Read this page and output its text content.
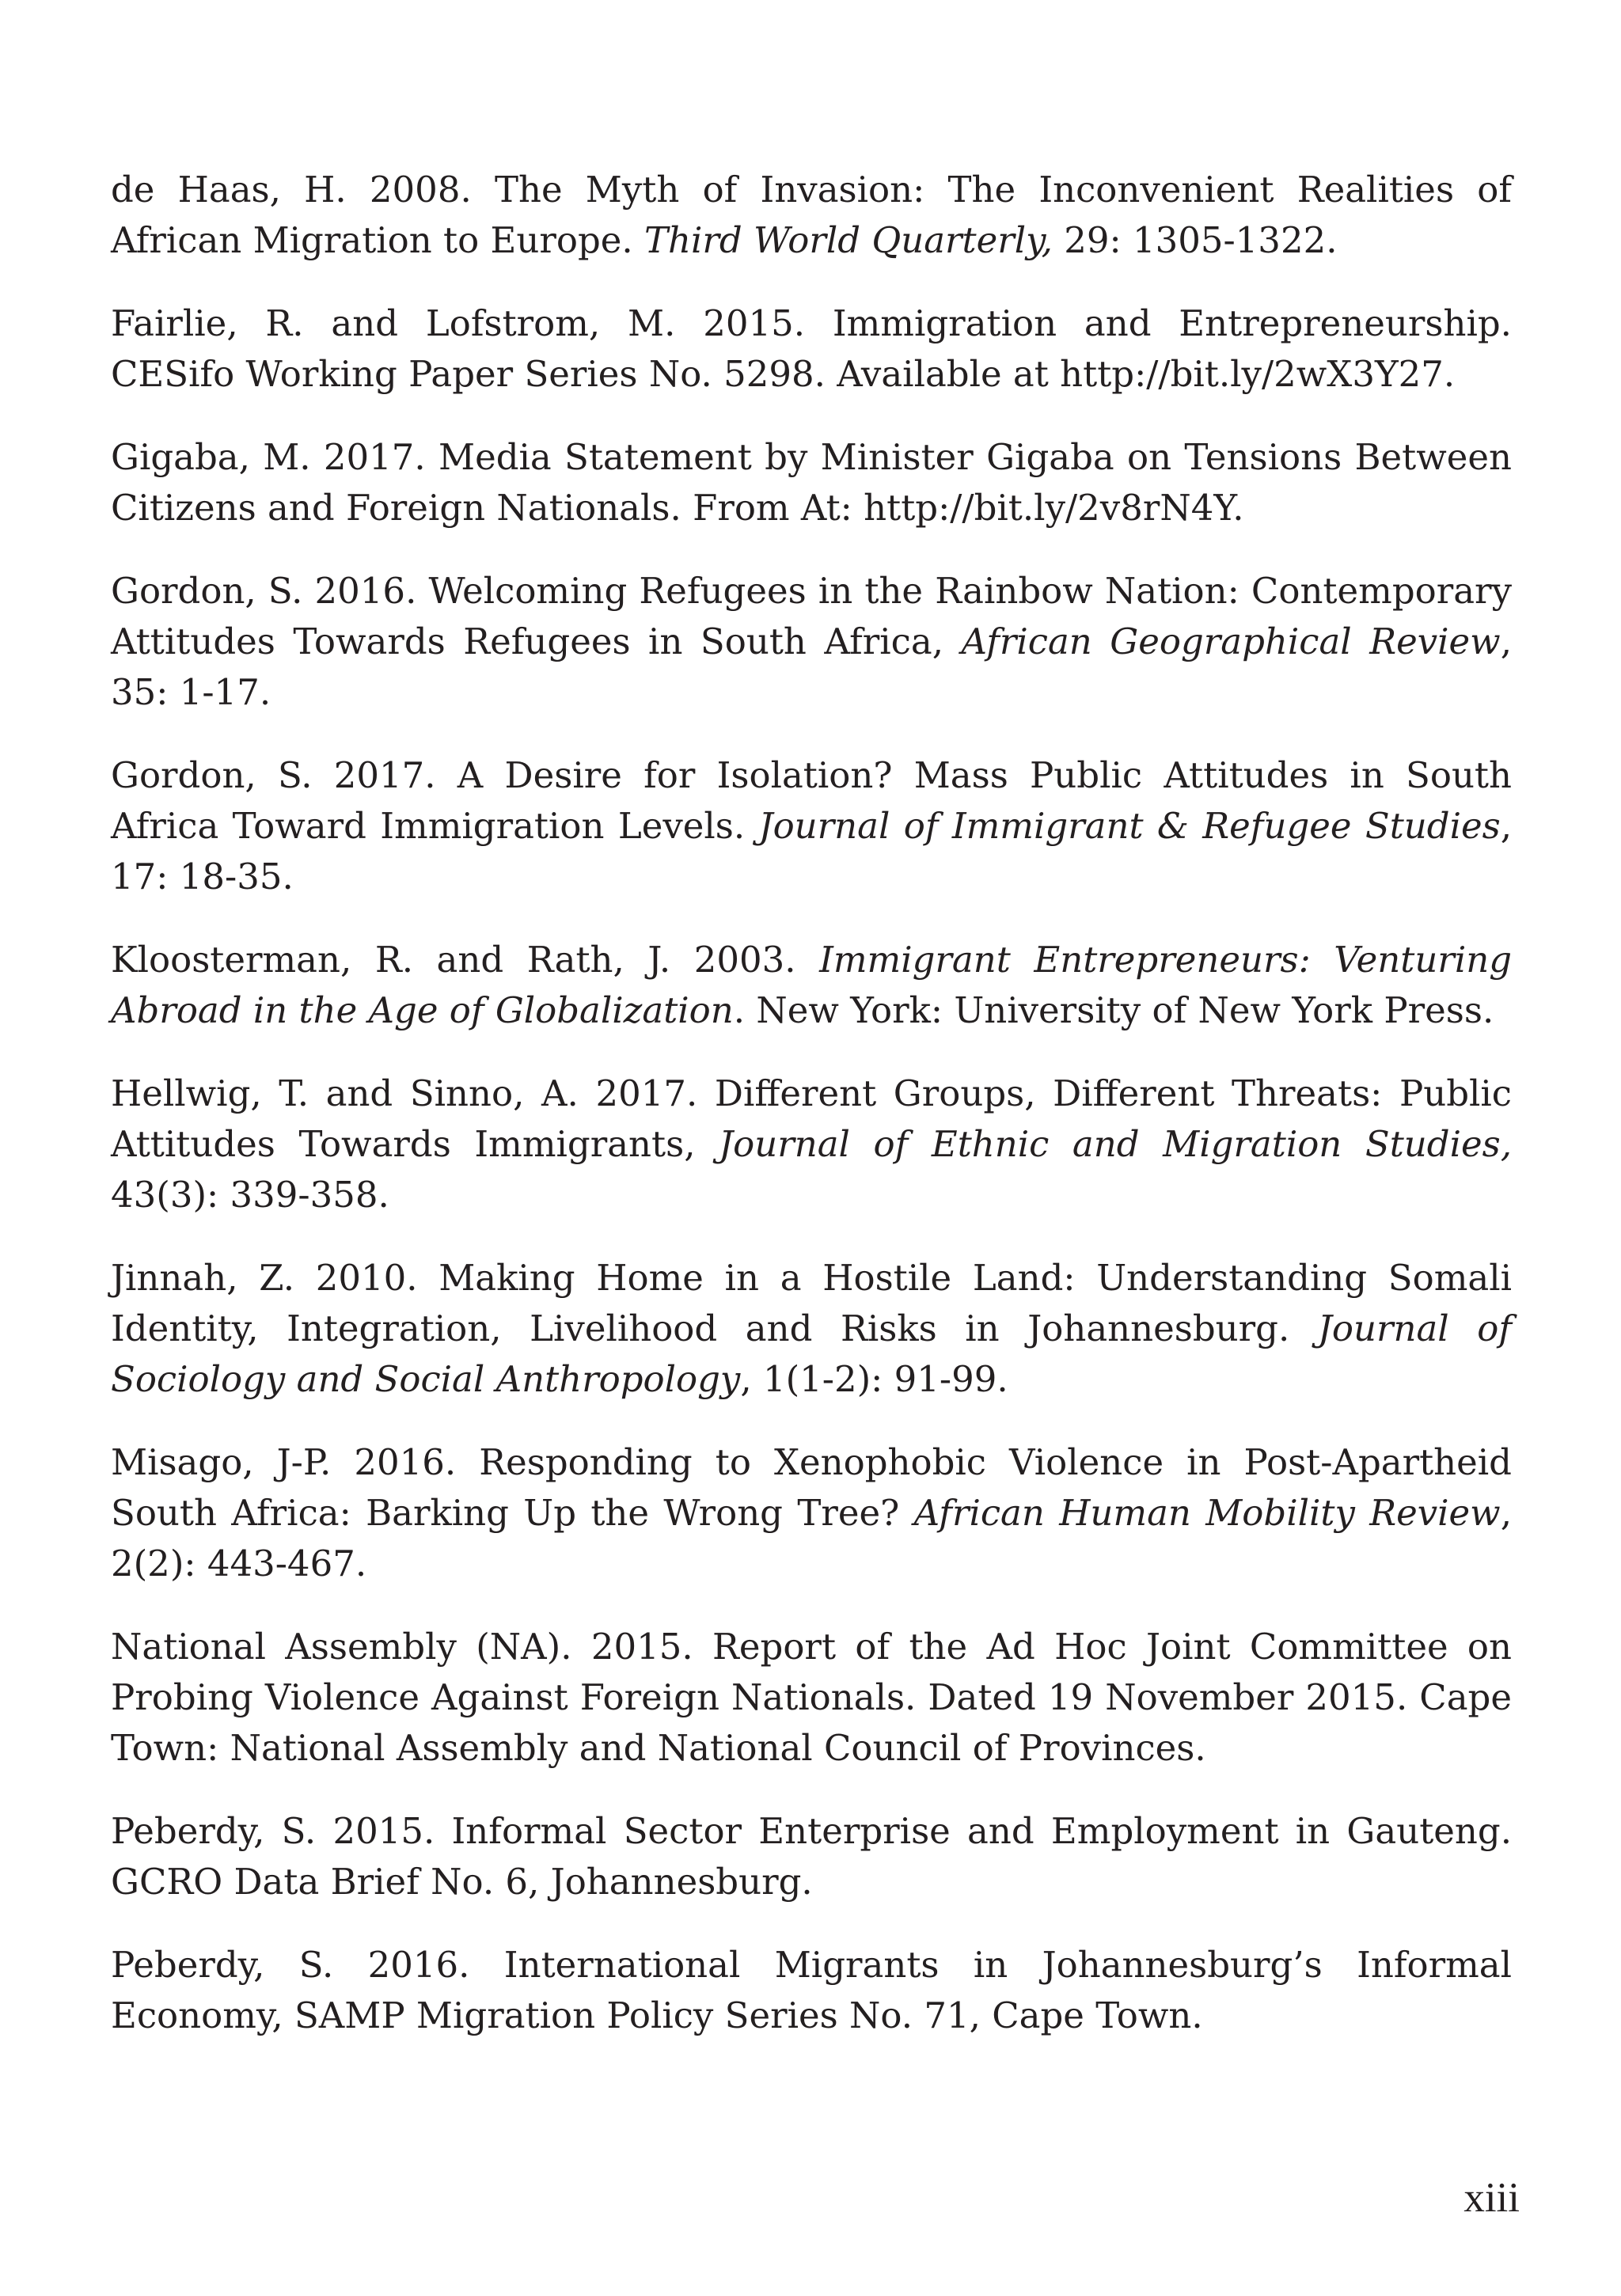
de Haas, H. 2008. The Myth of Invasion: The Inconvenient Realities of African Migration to Europe. Third World Quarterly, 29: 1305-1322.
Fairlie, R. and Lofstrom, M. 2015. Immigration and Entrepreneurship. CESifo Working Paper Series No. 5298. Available at http://bit.ly/2wX3Y27.
Gigaba, M. 2017. Media Statement by Minister Gigaba on Tensions Between Citizens and Foreign Nationals. From At: http://bit.ly/2v8rN4Y.
Gordon, S. 2016. Welcoming Refugees in the Rainbow Nation: Contemporary Attitudes Towards Refugees in South Africa, African Geographical Review, 35: 1-17.
Gordon, S. 2017. A Desire for Isolation? Mass Public Attitudes in South Africa Toward Immigration Levels. Journal of Immigrant & Refugee Studies, 17: 18-35.
Kloosterman, R. and Rath, J. 2003. Immigrant Entrepreneurs: Venturing Abroad in the Age of Globalization. New York: University of New York Press.
Hellwig, T. and Sinno, A. 2017. Different Groups, Different Threats: Public Attitudes Towards Immigrants, Journal of Ethnic and Migration Studies, 43(3): 339-358.
Jinnah, Z. 2010. Making Home in a Hostile Land: Understanding Somali Identity, Integration, Livelihood and Risks in Johannesburg. Journal of Sociology and Social Anthropology, 1(1-2): 91-99.
Misago, J-P. 2016. Responding to Xenophobic Violence in Post-Apartheid South Africa: Barking Up the Wrong Tree? African Human Mobility Review, 2(2): 443-467.
National Assembly (NA). 2015. Report of the Ad Hoc Joint Committee on Probing Violence Against Foreign Nationals. Dated 19 November 2015. Cape Town: National Assembly and National Council of Provinces.
Peberdy, S. 2015. Informal Sector Enterprise and Employment in Gauteng. GCRO Data Brief No. 6, Johannesburg.
Peberdy, S. 2016. International Migrants in Johannesburg’s Informal Economy, SAMP Migration Policy Series No. 71, Cape Town.

xiii
